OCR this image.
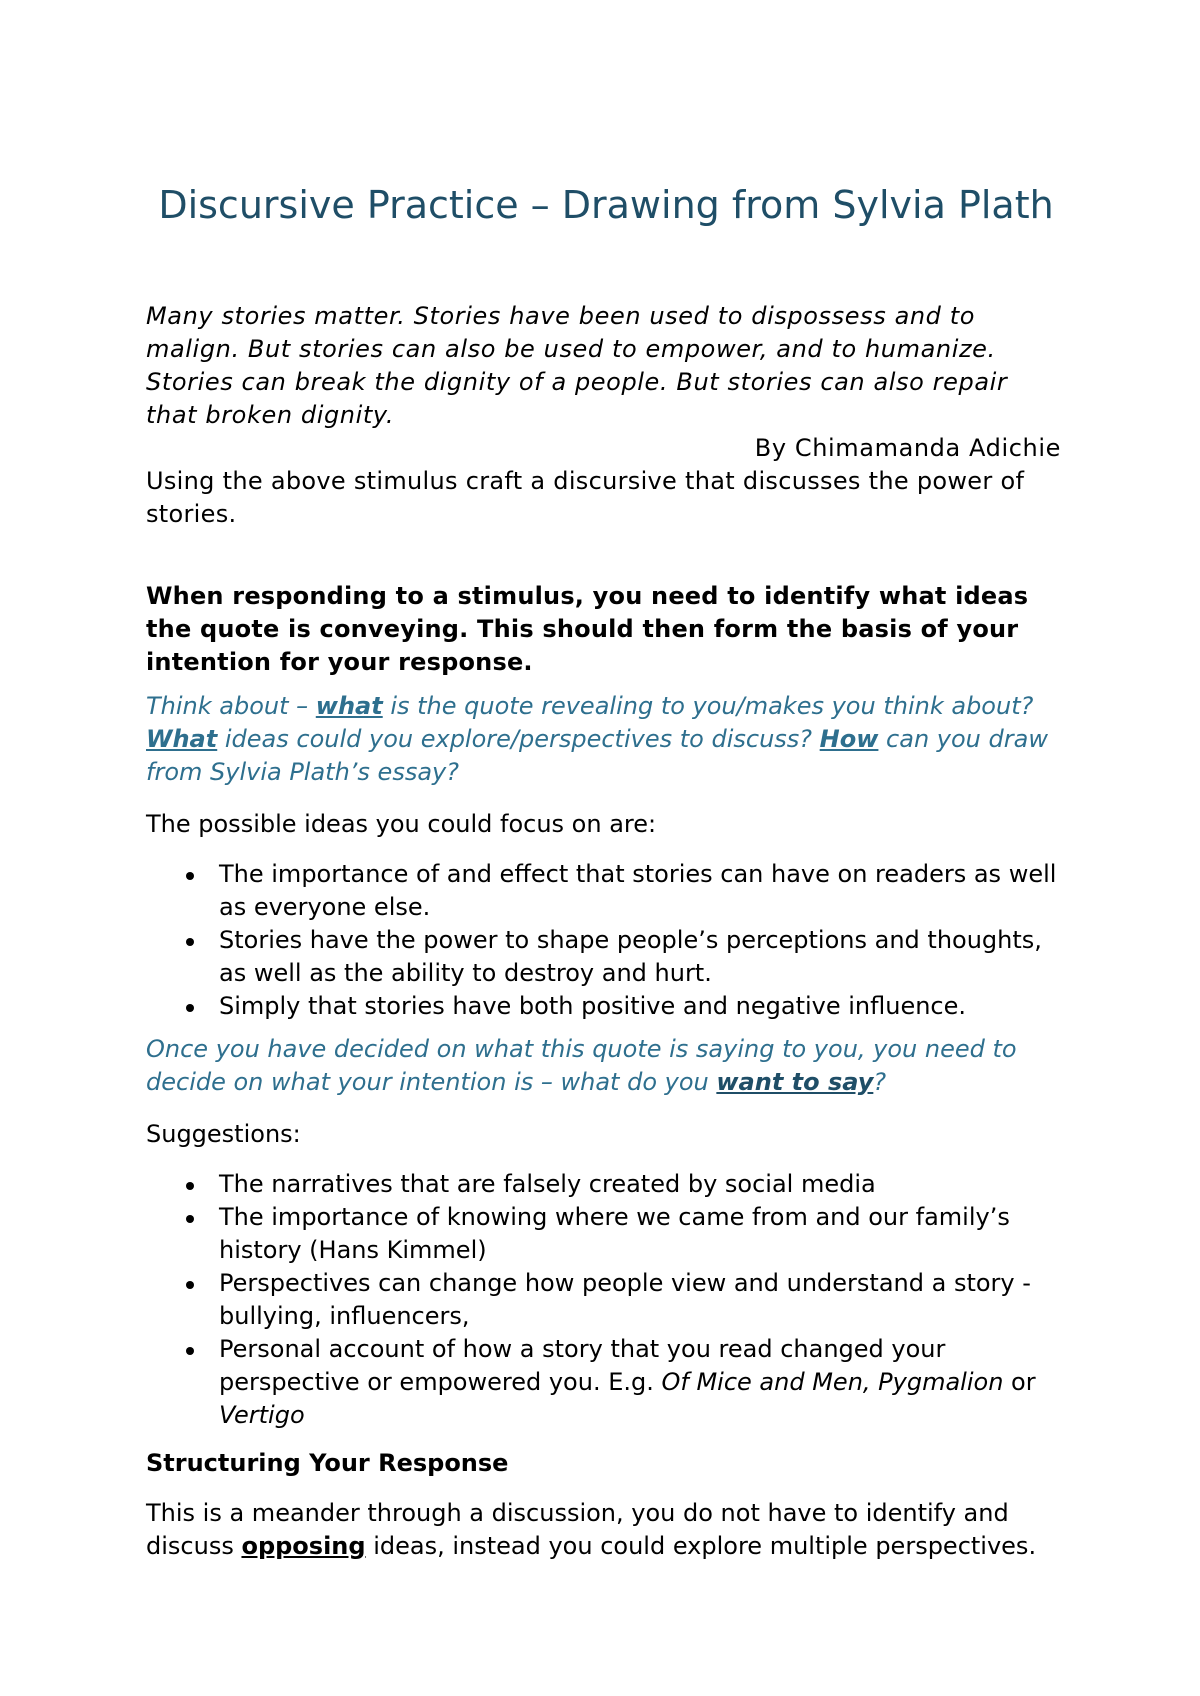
Discursive Practice – Drawing from Sylvia Plath

Many stories matter. Stories have been used to dispossess and to malign. But stories can also be used to empower, and to humanize. Stories can break the dignity of a people. But stories can also repair that broken dignity.

By Chimamanda Adichie

Using the above stimulus craft a discursive that discusses the power of stories.

When responding to a stimulus, you need to identify what ideas the quote is conveying. This should then form the basis of your intention for your response.

Think about – what is the quote revealing to you/makes you think about? What ideas could you explore/perspectives to discuss? How can you draw from Sylvia Plath’s essay?

The possible ideas you could focus on are:

The importance of and effect that stories can have on readers as well as everyone else.
Stories have the power to shape people’s perceptions and thoughts, as well as the ability to destroy and hurt.
Simply that stories have both positive and negative influence.

Once you have decided on what this quote is saying to you, you need to decide on what your intention is – what do you want to say?

Suggestions:

The narratives that are falsely created by social media
The importance of knowing where we came from and our family’s history (Hans Kimmel)
Perspectives can change how people view and understand a story - bullying, influencers,
Personal account of how a story that you read changed your perspective or empowered you. E.g. Of Mice and Men, Pygmalion or Vertigo

Structuring Your Response

This is a meander through a discussion, you do not have to identify and discuss opposing ideas, instead you could explore multiple perspectives.
